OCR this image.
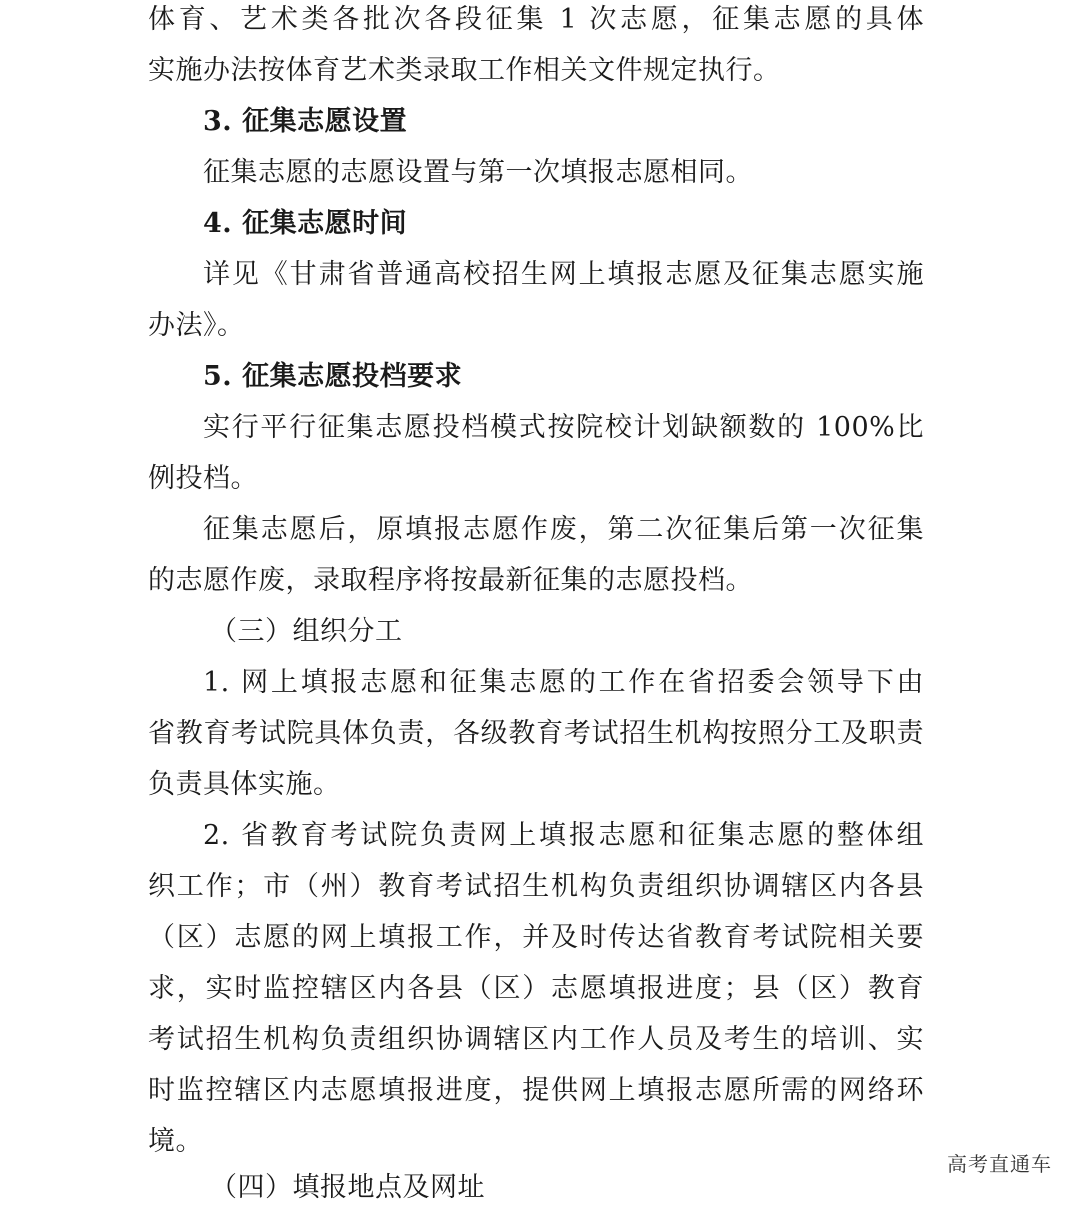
体育、艺术类各批次各段征集 1 次志愿，征集志愿的具体
实施办法按体育艺术类录取工作相关文件规定执行。
3. 征集志愿设置
征集志愿的志愿设置与第一次填报志愿相同。
4. 征集志愿时间
详见《甘肃省普通高校招生网上填报志愿及征集志愿实施
办法》。
5. 征集志愿投档要求
实行平行征集志愿投档模式按院校计划缺额数的 100%比
例投档。
征集志愿后，原填报志愿作废，第二次征集后第一次征集
的志愿作废，录取程序将按最新征集的志愿投档。
（三）组织分工
1. 网上填报志愿和征集志愿的工作在省招委会领导下由
省教育考试院具体负责，各级教育考试招生机构按照分工及职责
负责具体实施。
2. 省教育考试院负责网上填报志愿和征集志愿的整体组
织工作；市（州）教育考试招生机构负责组织协调辖区内各县
（区）志愿的网上填报工作，并及时传达省教育考试院相关要
求，实时监控辖区内各县（区）志愿填报进度；县（区）教育
考试招生机构负责组织协调辖区内工作人员及考生的培训、实
时监控辖区内志愿填报进度，提供网上填报志愿所需的网络环
境。
（四）填报地点及网址
高考直通车
